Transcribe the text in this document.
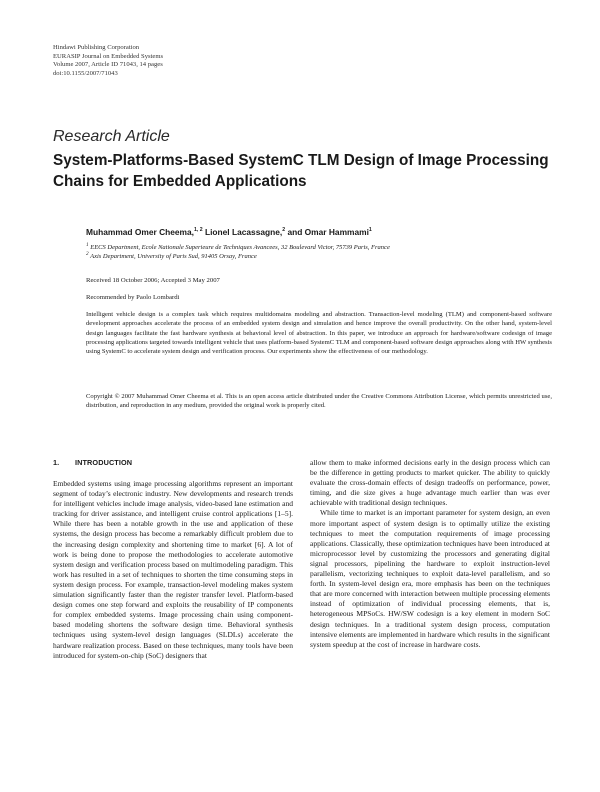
Hindawi Publishing Corporation
EURASIP Journal on Embedded Systems
Volume 2007, Article ID 71043, 14 pages
doi:10.1155/2007/71043
Research Article
System-Platforms-Based SystemC TLM Design of Image Processing Chains for Embedded Applications
Muhammad Omer Cheema,$^{1, 2}$ Lionel Lacassagne,$^2$ and Omar Hammami$^1$
$^1$ EECS Department, Ecole Nationale Superieure de Techniques Avancees, 32 Boulevard Victor, 75739 Paris, France
$^2$ Axis Department, University of Paris Sud, 91405 Orsay, France
Received 18 October 2006; Accepted 3 May 2007
Recommended by Paolo Lombardi

Intelligent vehicle design is a complex task which requires multidomains modeling and abstraction. Transaction-level modeling (TLM) and component-based software development approaches accelerate the process of an embedded system design and simulation and hence improve the overall productivity. On the other hand, system-level design languages facilitate the fast hardware synthesis at behavioral level of abstraction. In this paper, we introduce an approach for hardware/software codesign of image processing applications targeted towards intelligent vehicle that uses platform-based SystemC TLM and component-based software design approaches along with HW synthesis using SystemC to accelerate system design and verification process. Our experiments show the effectiveness of our methodology.

Copyright © 2007 Muhammad Omer Cheema et al. This is an open access article distributed under the Creative Commons Attribution License, which permits unrestricted use, distribution, and reproduction in any medium, provided the original work is properly cited.

1. INTRODUCTION

Embedded systems using image processing algorithms represent an important segment of today’s electronic industry. New developments and research trends for intelligent vehicles include image analysis, video-based lane estimation and tracking for driver assistance, and intelligent cruise control applications [1–5]. While there has been a notable growth in the use and application of these systems, the design process has become a remarkably difficult problem due to the increasing design complexity and shortening time to market [6]. A lot of work is being done to propose the methodologies to accelerate automotive system design and verification process based on multimodeling paradigm. This work has resulted in a set of techniques to shorten the time consuming steps in system design process. For example, transaction-level modeling makes system simulation significantly faster than the register transfer level. Platform-based design comes one step forward and exploits the reusability of IP components for complex embedded systems. Image processing chain using component-based modeling shortens the software design time. Behavioral synthesis techniques using system-level design languages (SLDLs) accelerate the hardware realization process. Based on these techniques, many tools have been introduced for system-on-chip (SoC) designers that

allow them to make informed decisions early in the design process which can be the difference in getting products to market quicker. The ability to quickly evaluate the cross-domain effects of design tradeoffs on performance, power, timing, and die size gives a huge advantage much earlier than was ever achievable with traditional design techniques.

While time to market is an important parameter for system design, an even more important aspect of system design is to optimally utilize the existing techniques to meet the computation requirements of image processing applications. Classically, these optimization techniques have been introduced at microprocessor level by customizing the processors and generating digital signal processors, pipelining the hardware to exploit instruction-level parallelism, vectorizing techniques to exploit data-level parallelism, and so forth. In system-level design era, more emphasis has been on the techniques that are more concerned with interaction between multiple processing elements instead of optimization of individual processing elements, that is, heterogeneous MPSoCs. HW/SW codesign is a key element in modern SoC design techniques. In a traditional system design process, computation intensive elements are implemented in hardware which results in the significant system speedup at the cost of increase in hardware costs.
